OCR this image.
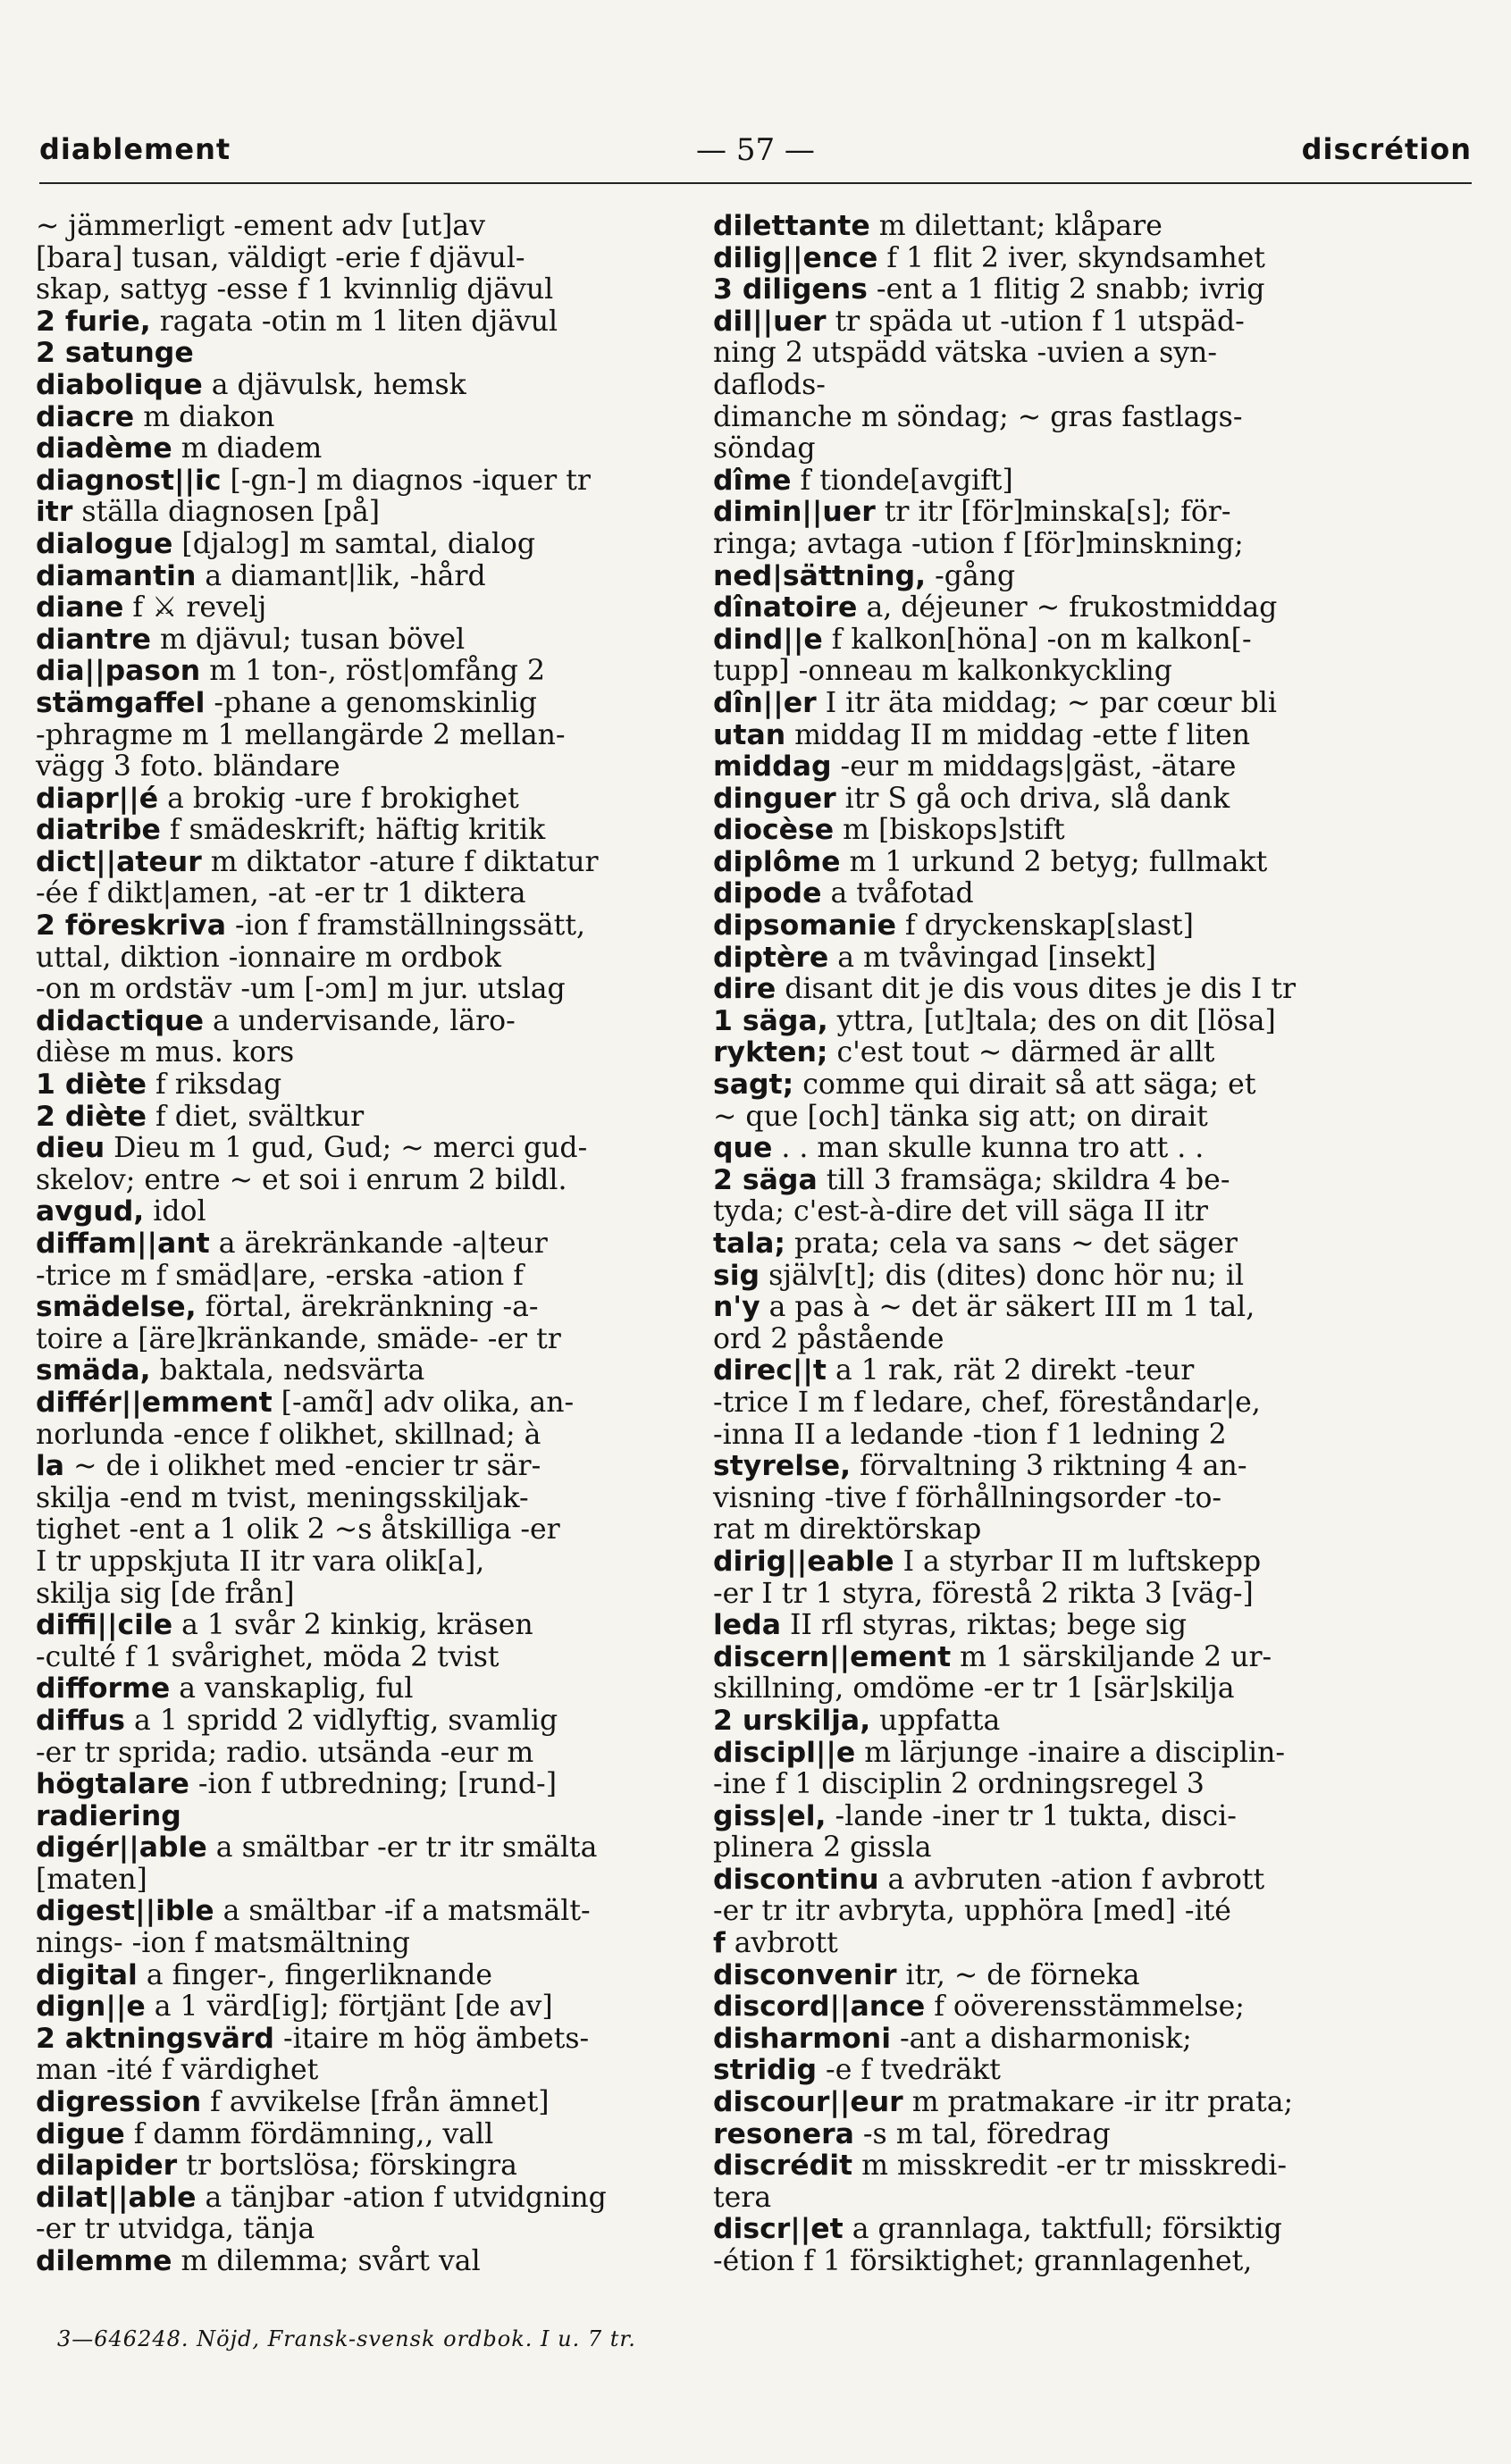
diablement	— 57 —	discrétion

~ jämmerligt -ement adv [ut]av

[bara] tusan, väldigt -erie f djävul-

skap, sattyg -esse f 1 kvinnlig djävul

2 furie, ragata -otin m 1 liten djävul

2 satunge

diabolique a djävulsk, hemsk

diacre m diakon

diadème m diadem

diagnost||ic [-gn-] m diagnos -iquer tr

itr ställa diagnosen [på]

dialogue [djalɔg] m samtal, dialog

diamantin a diamant|lik, -hård

diane f ⚔ revelj

diantre m djävul; tusan bövel

dia||pason m 1 ton-, röst|omfång 2

stämgaffel -phane a genomskinlig

-phragme m 1 mellangärde 2 mellan-

vägg 3 foto. bländare

diapr||é a brokig -ure f brokighet

diatribe f smädeskrift; häftig kritik

dict||ateur m diktator -ature f diktatur

-ée f dikt|amen, -at -er tr 1 diktera

2 föreskriva -ion f framställningssätt,

uttal, diktion -ionnaire m ordbok

-on m ordstäv -um [-ɔm] m jur. utslag

didactique a undervisande, läro-

dièse m mus. kors

1 diète f riksdag

2 diète f diet, svältkur

dieu Dieu m 1 gud, Gud; ~ merci gud-

skelov; entre ~ et soi i enrum 2 bildl.

avgud, idol

diffam||ant a ärekränkande -a|teur

-trice m f smäd|are, -erska -ation f

smädelse, förtal, ärekränkning -a-

toire a [äre]kränkande, smäde- -er tr

smäda, baktala, nedsvärta

différ||emment [-amɑ̃] adv olika, an-

norlunda -ence f olikhet, skillnad; à

la ~ de i olikhet med -encier tr sär-

skilja -end m tvist, meningsskiljak-

tighet -ent a 1 olik 2 ~s åtskilliga -er

I tr uppskjuta II itr vara olik[a],

skilja sig [de från]

diffi||cile a 1 svår 2 kinkig, kräsen

-culté f 1 svårighet, möda 2 tvist

difforme a vanskaplig, ful

diffus a 1 spridd 2 vidlyftig, svamlig

-er tr sprida; radio. utsända -eur m

högtalare -ion f utbredning; [rund-]

radiering

digér||able a smältbar -er tr itr smälta

[maten]

digest||ible a smältbar -if a matsmält-

nings- -ion f matsmältning

digital a finger-, fingerliknande

dign||e a 1 värd[ig]; förtjänt [de av]

2 aktningsvärd -itaire m hög ämbets-

man -ité f värdighet

digression f avvikelse [från ämnet]

digue f damm fördämning,, vall

dilapider tr bortslösa; förskingra

dilat||able a tänjbar -ation f utvidgning

-er tr utvidga, tänja

dilemme m dilemma; svårt val

dilettante m dilettant; klåpare

dilig||ence f 1 flit 2 iver, skyndsamhet

3 diligens -ent a 1 flitig 2 snabb; ivrig

dil||uer tr späda ut -ution f 1 utspäd-

ning 2 utspädd vätska -uvien a syn-

daflods-

dimanche m söndag; ~ gras fastlags-

söndag

dîme f tionde[avgift]

dimin||uer tr itr [för]minska[s]; för-

ringa; avtaga -ution f [för]minskning;

ned|sättning, -gång

dînatoire a, déjeuner ~ frukostmiddag

dind||e f kalkon[höna] -on m kalkon[-

tupp] -onneau m kalkonkyckling

dîn||er I itr äta middag; ~ par cœur bli

utan middag II m middag -ette f liten

middag -eur m middags|gäst, -ätare

dinguer itr S gå och driva, slå dank

diocèse m [biskops]stift

diplôme m 1 urkund 2 betyg; fullmakt

dipode a tvåfotad

dipsomanie f dryckenskap[slast]

diptère a m tvåvingad [insekt]

dire disant dit je dis vous dites je dis I tr

1 säga, yttra, [ut]tala; des on dit [lösa]

rykten; c'est tout ~ därmed är allt

sagt; comme qui dirait så att säga; et

~ que [och] tänka sig att; on dirait

que . . man skulle kunna tro att . .

2 säga till 3 framsäga; skildra 4 be-

tyda; c'est-à-dire det vill säga II itr

tala; prata; cela va sans ~ det säger

sig själv[t]; dis (dites) donc hör nu; il

n'y a pas à ~ det är säkert III m 1 tal,

ord 2 påstående

direc||t a 1 rak, rät 2 direkt -teur

-trice I m f ledare, chef, föreståndar|e,

-inna II a ledande -tion f 1 ledning 2

styrelse, förvaltning 3 riktning 4 an-

visning -tive f förhållningsorder -to-

rat m direktörskap

dirig||eable I a styrbar II m luftskepp

-er I tr 1 styra, förestå 2 rikta 3 [väg-]

leda II rfl styras, riktas; bege sig

discern||ement m 1 särskiljande 2 ur-

skillning, omdöme -er tr 1 [sär]skilja

2 urskilja, uppfatta

discipl||e m lärjunge -inaire a disciplin-

-ine f 1 disciplin 2 ordningsregel 3

giss|el, -lande -iner tr 1 tukta, disci-

plinera 2 gissla

discontinu a avbruten -ation f avbrott

-er tr itr avbryta, upphöra [med] -ité

f avbrott

disconvenir itr, ~ de förneka

discord||ance f oöverensstämmelse;

disharmoni -ant a disharmonisk;

stridig -e f tvedräkt

discour||eur m pratmakare -ir itr prata;

resonera -s m tal, föredrag

discrédit m misskredit -er tr misskredi-

tera

discr||et a grannlaga, taktfull; försiktig

-étion f 1 försiktighet; grannlagenhet,

3—646248. Nöjd, Fransk-svensk ordbok. I u. 7 tr.
